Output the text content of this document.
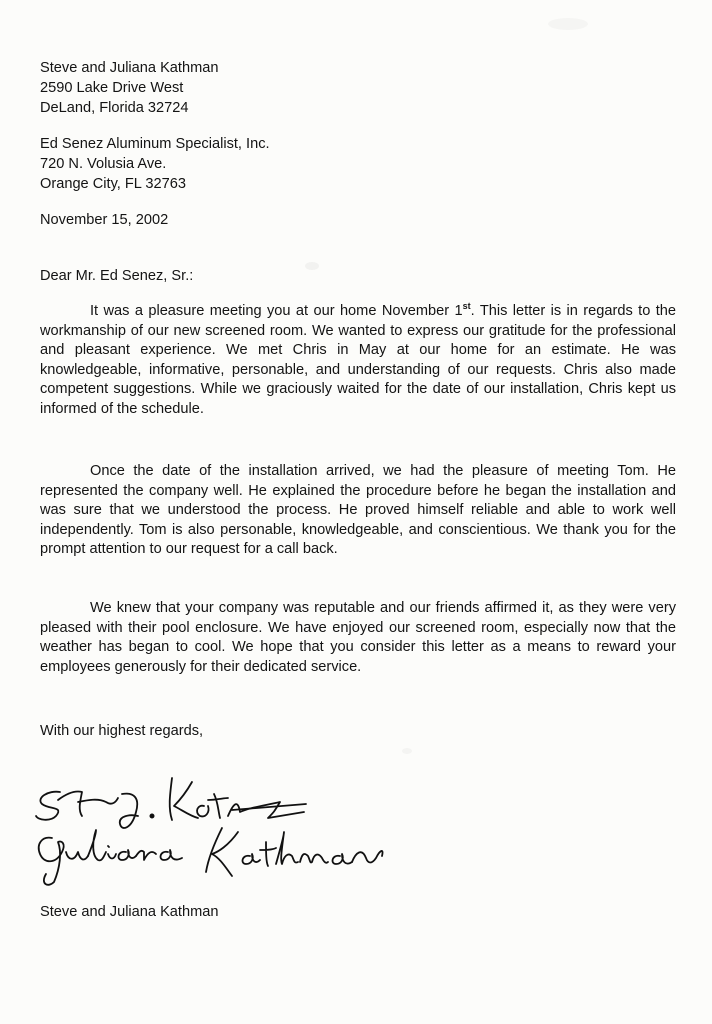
Steve and Juliana Kathman
2590 Lake Drive West
DeLand, Florida 32724
Ed Senez Aluminum Specialist, Inc.
720 N. Volusia Ave.
Orange City, FL 32763
November 15, 2002
Dear Mr. Ed Senez, Sr.:
It was a pleasure meeting you at our home November 1st. This letter is in regards to the workmanship of our new screened room. We wanted to express our gratitude for the professional and pleasant experience. We met Chris in May at our home for an estimate. He was knowledgeable, informative, personable, and understanding of our requests. Chris also made competent suggestions. While we graciously waited for the date of our installation, Chris kept us informed of the schedule.
Once the date of the installation arrived, we had the pleasure of meeting Tom. He represented the company well. He explained the procedure before he began the installation and was sure that we understood the process. He proved himself reliable and able to work well independently. Tom is also personable, knowledgeable, and conscientious. We thank you for the prompt attention to our request for a call back.
We knew that your company was reputable and our friends affirmed it, as they were very pleased with their pool enclosure. We have enjoyed our screened room, especially now that the weather has began to cool. We hope that you consider this letter as a means to reward your employees generously for their dedicated service.
With our highest regards,
Steve and Juliana Kathman
